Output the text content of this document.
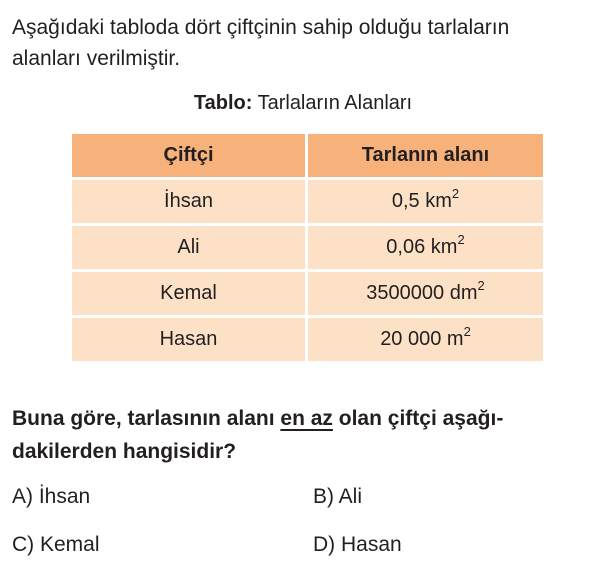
Aşağıdaki tabloda dört çiftçinin sahip olduğu tarlaların
alanları verilmiştir.
Tablo: Tarlaların Alanları
Çiftçi	Tarlanın alanı
İhsan	0,5 $km^2$
Ali	0,06 $km^2$
Kemal	3500000 $dm^2$
Hasan	20 000 $m^2$
Buna göre, tarlasının alanı en az olan çiftçi aşağı-
dakilerden hangisidir?
A) İhsan	B) Ali
C) Kemal	D) Hasan
